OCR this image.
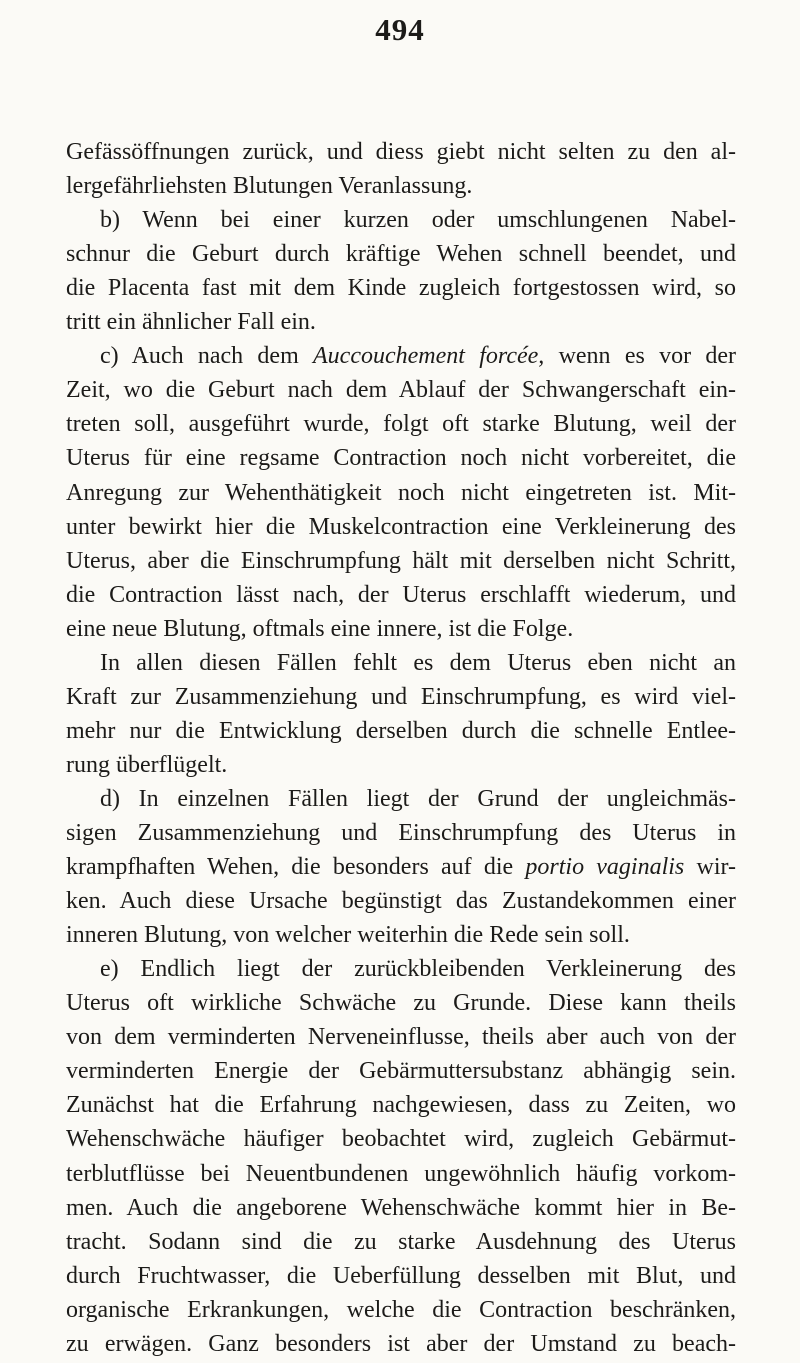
494
Gefässöffnungen zurück, und diess giebt nicht selten zu den al-
lergefährliehsten Blutungen Veranlassung.
b) Wenn bei einer kurzen oder umschlungenen Nabel-
schnur die Geburt durch kräftige Wehen schnell beendet, und
die Placenta fast mit dem Kinde zugleich fortgestossen wird, so
tritt ein ähnlicher Fall ein.
c) Auch nach dem Auccouchement forcée, wenn es vor der
Zeit, wo die Geburt nach dem Ablauf der Schwangerschaft ein-
treten soll, ausgeführt wurde, folgt oft starke Blutung, weil der
Uterus für eine regsame Contraction noch nicht vorbereitet, die
Anregung zur Wehenthätigkeit noch nicht eingetreten ist. Mit-
unter bewirkt hier die Muskelcontraction eine Verkleinerung des
Uterus, aber die Einschrumpfung hält mit derselben nicht Schritt,
die Contraction lässt nach, der Uterus erschlafft wiederum, und
eine neue Blutung, oftmals eine innere, ist die Folge.
In allen diesen Fällen fehlt es dem Uterus eben nicht an
Kraft zur Zusammenziehung und Einschrumpfung, es wird viel-
mehr nur die Entwicklung derselben durch die schnelle Entlee-
rung überflügelt.
d) In einzelnen Fällen liegt der Grund der ungleichmäs-
sigen Zusammenziehung und Einschrumpfung des Uterus in
krampfhaften Wehen, die besonders auf die portio vaginalis wir-
ken. Auch diese Ursache begünstigt das Zustandekommen einer
inneren Blutung, von welcher weiterhin die Rede sein soll.
e) Endlich liegt der zurückbleibenden Verkleinerung des
Uterus oft wirkliche Schwäche zu Grunde. Diese kann theils
von dem verminderten Nerveneinflusse, theils aber auch von der
verminderten Energie der Gebärmuttersubstanz abhängig sein.
Zunächst hat die Erfahrung nachgewiesen, dass zu Zeiten, wo
Wehenschwäche häufiger beobachtet wird, zugleich Gebärmut-
terblutflüsse bei Neuentbundenen ungewöhnlich häufig vorkom-
men. Auch die angeborene Wehenschwäche kommt hier in Be-
tracht. Sodann sind die zu starke Ausdehnung des Uterus
durch Fruchtwasser, die Ueberfüllung desselben mit Blut, und
organische Erkrankungen, welche die Contraction beschränken,
zu erwägen. Ganz besonders ist aber der Umstand zu beach-
